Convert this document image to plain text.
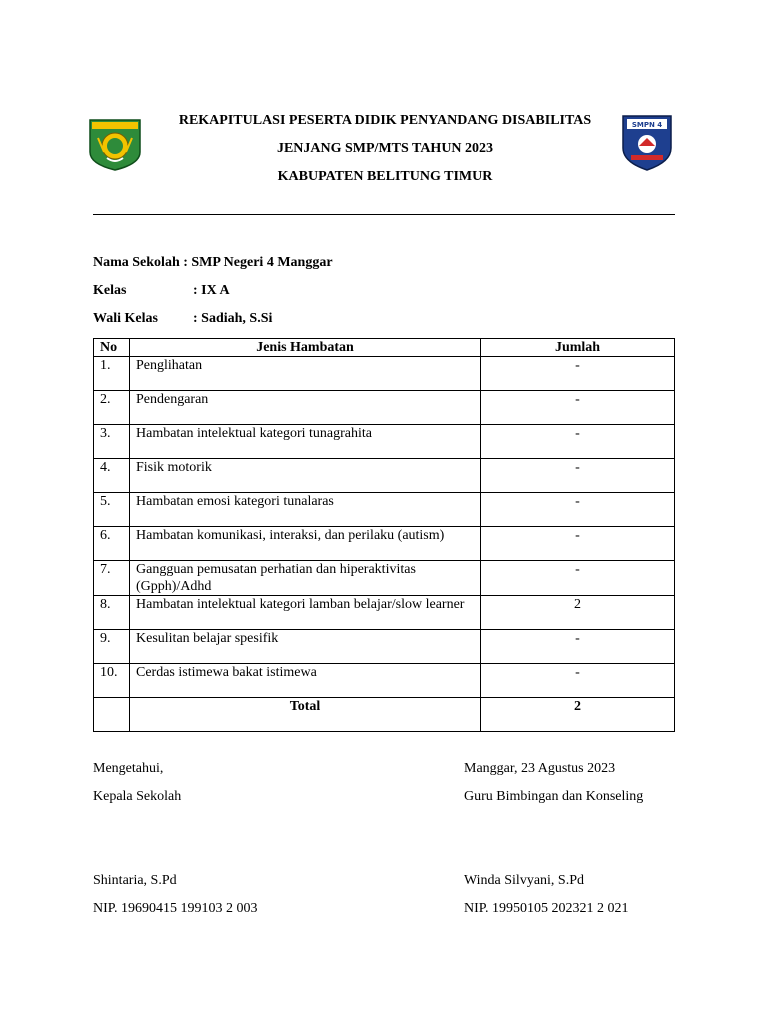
SMPN 4
REKAPITULASI PESERTA DIDIK PENYANDANG DISABILITAS
JENJANG SMP/MTS TAHUN 2023
KABUPATEN BELITUNG TIMUR
Nama Sekolah : SMP Negeri 4 Manggar
Kelas	: IX A
Wali Kelas	: Sadiah, S.Si
No	Jenis Hambatan	Jumlah
1.	Penglihatan	-
2.	Pendengaran	-
3.	Hambatan intelektual kategori tunagrahita	-
4.	Fisik motorik	-
5.	Hambatan emosi kategori tunalaras	-
6.	Hambatan komunikasi, interaksi, dan perilaku (autism)	-
7.	Gangguan pemusatan perhatian dan hiperaktivitas (Gpph)/Adhd	-
8.	Hambatan intelektual kategori lamban belajar/slow learner	2
9.	Kesulitan belajar spesifik	-
10.	Cerdas istimewa bakat istimewa	-
	Total	2
Mengetahui,
Kepala Sekolah
Shintaria, S.Pd
NIP. 19690415 199103 2 003
Manggar, 23 Agustus 2023
Guru Bimbingan dan Konseling
Winda Silvyani, S.Pd
NIP. 19950105 202321 2 021
